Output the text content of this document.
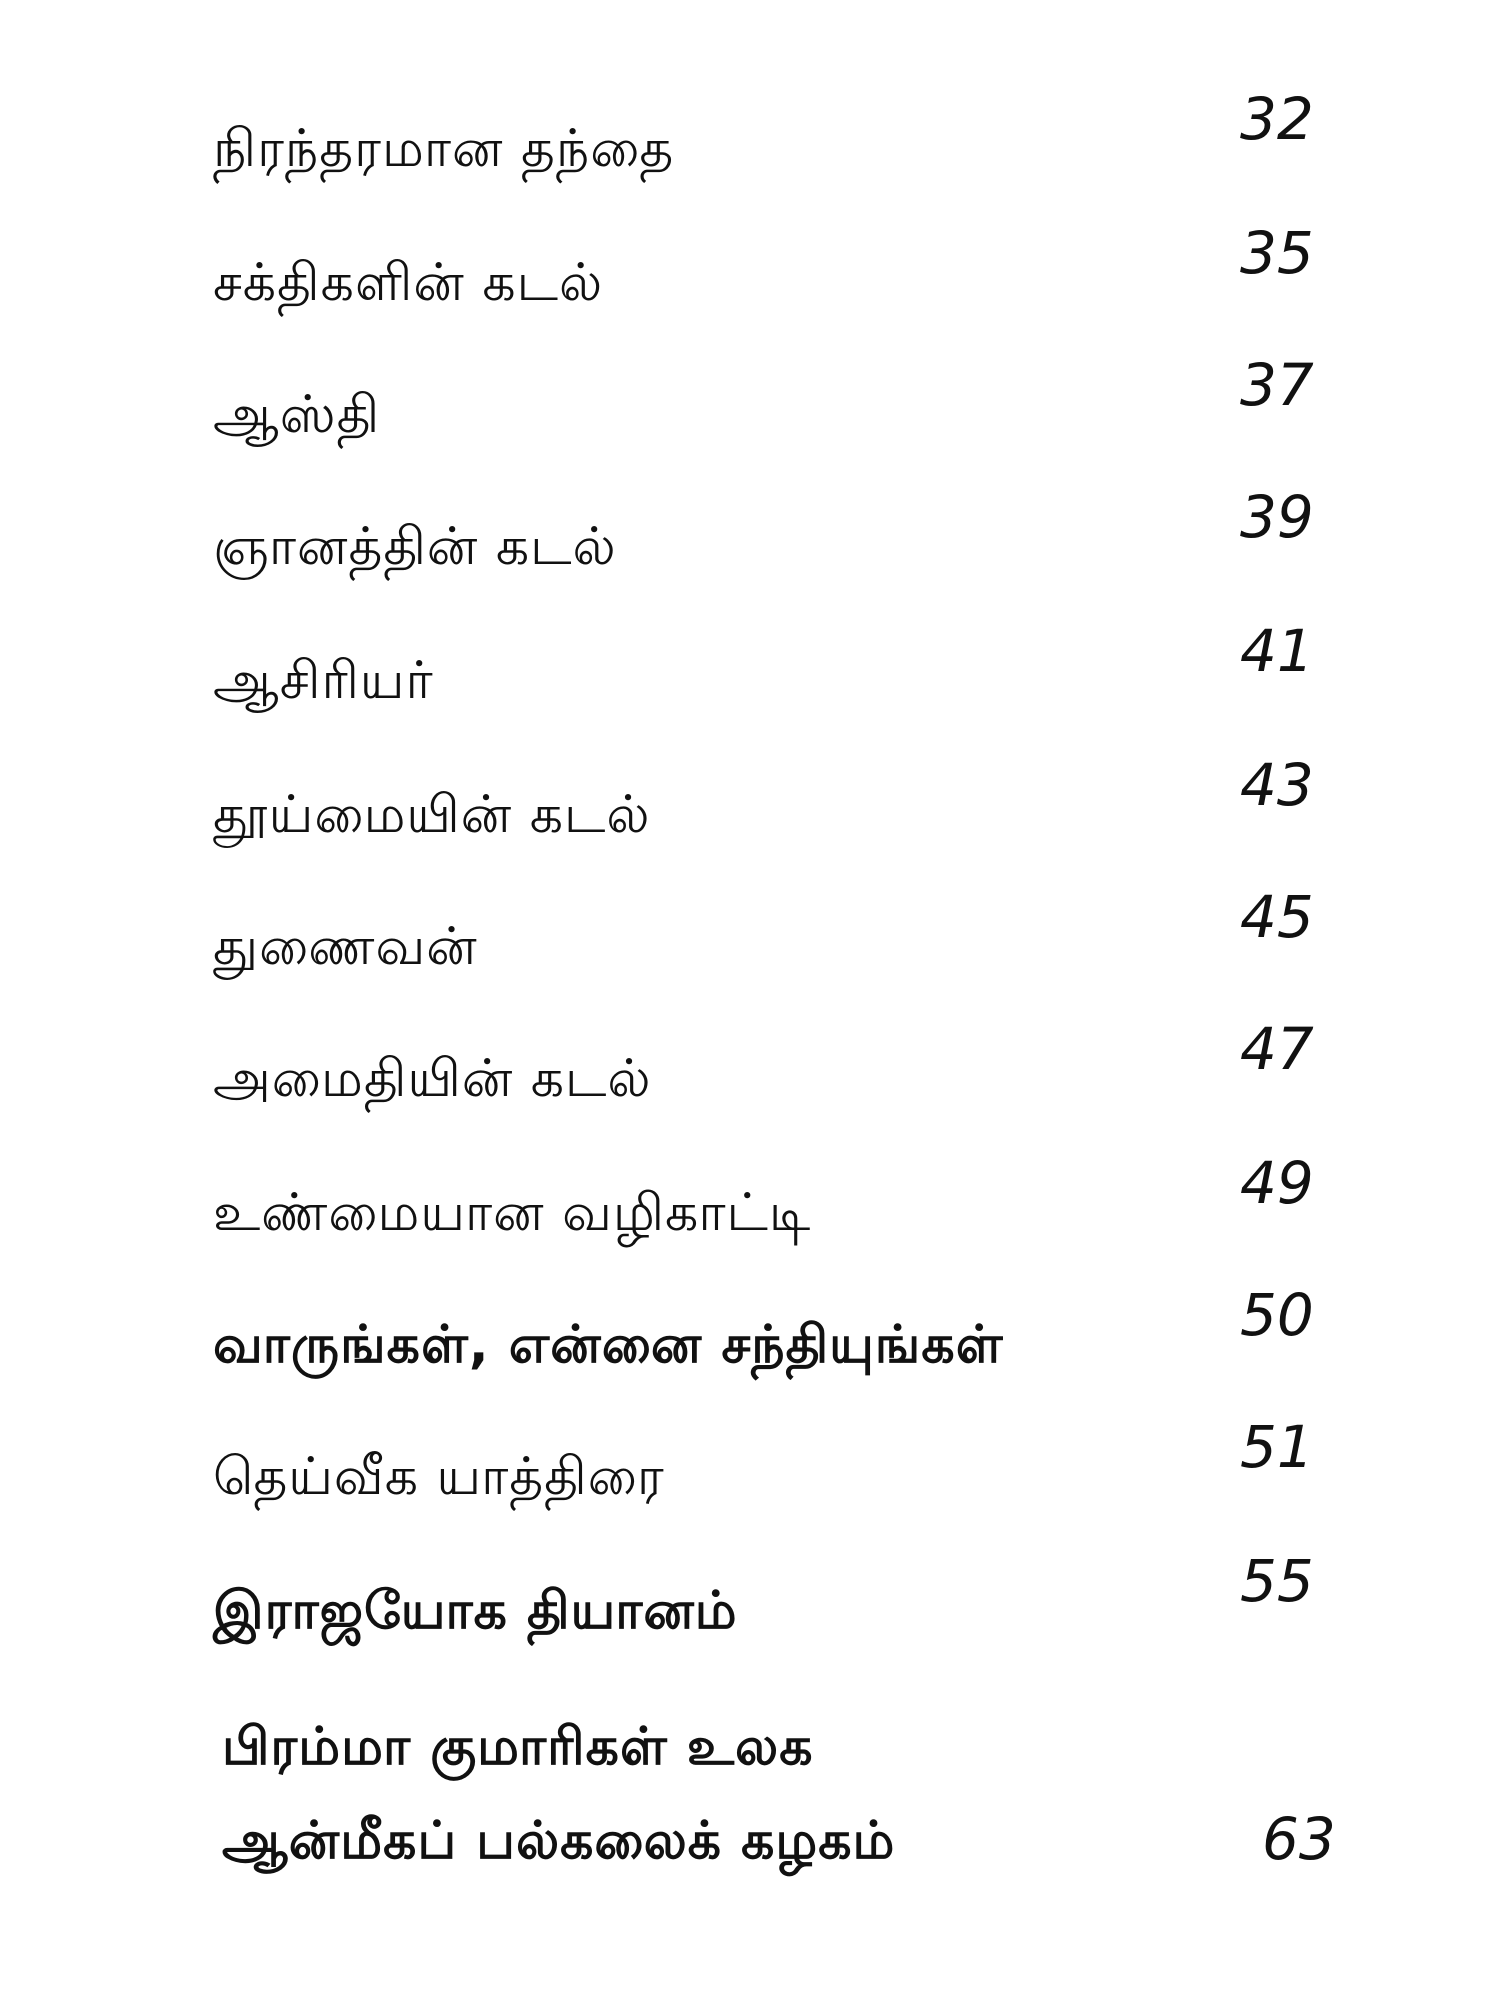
நிரந்தரமான தந்தை	32
சக்திகளின் கடல்	35
ஆஸ்தி	37
ஞானத்தின் கடல்	39
ஆசிரியர்	41
தூய்மையின் கடல்	43
துணைவன்	45
அமைதியின் கடல்	47
உண்மையான வழிகாட்டி	49
வாருங்கள், என்னை சந்தியுங்கள்	50
தெய்வீக யாத்திரை	51
இராஜயோக தியானம்	55
பிரம்மா குமாரிகள் உலக
ஆன்மீகப் பல்கலைக் கழகம்	63
